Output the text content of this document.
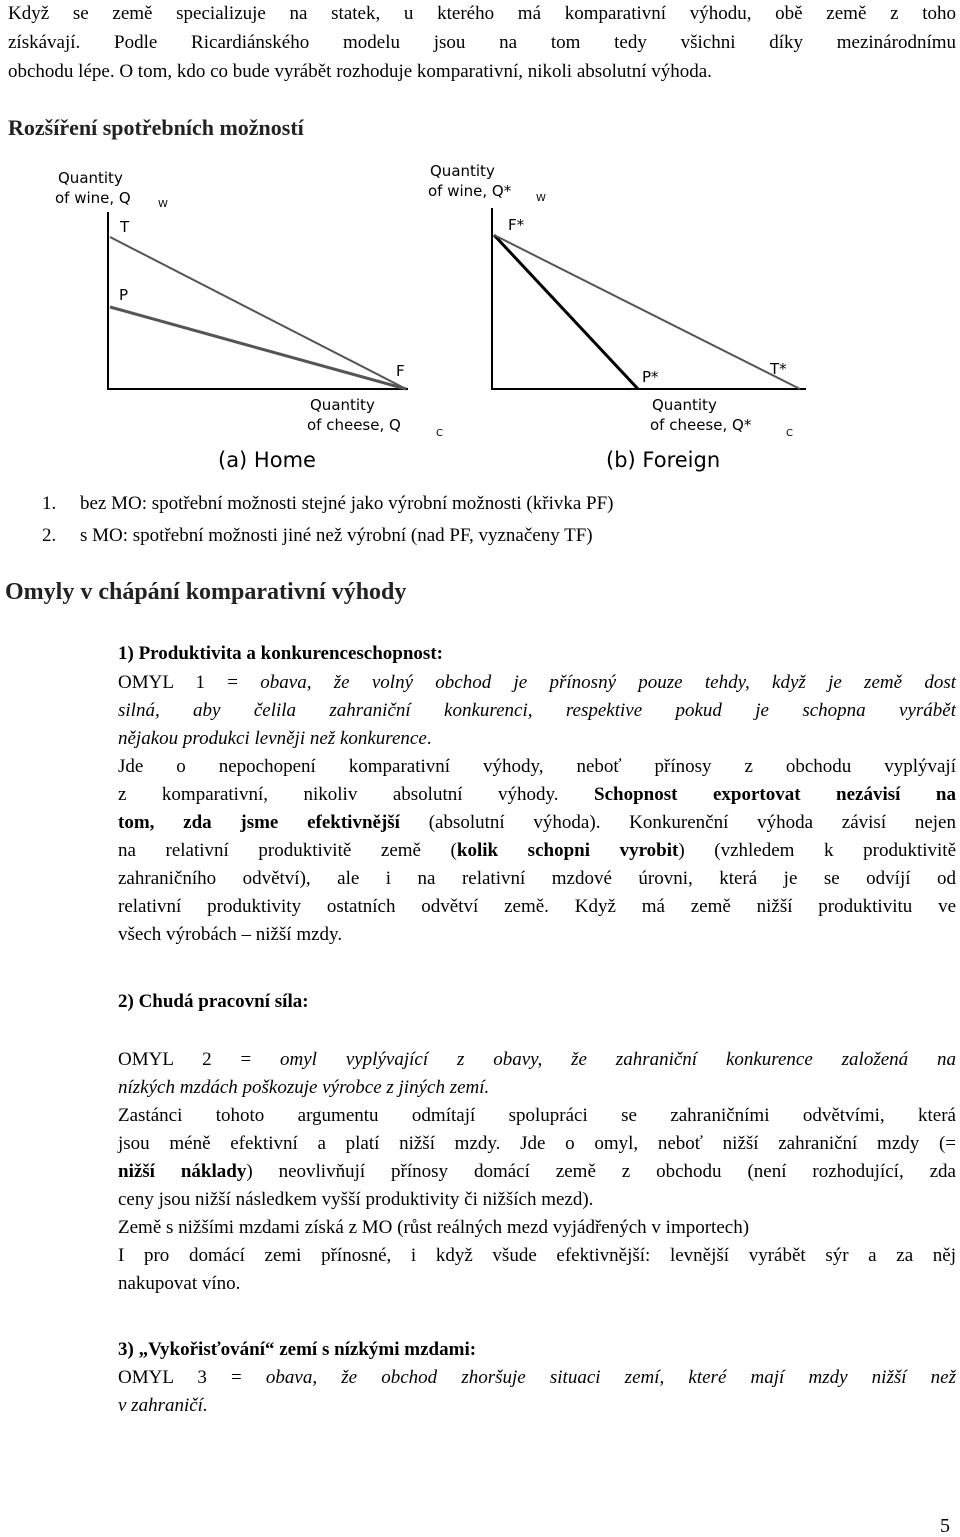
Když se země specializuje na statek, u kterého má komparativní výhodu, obě země z toho
získávají. Podle Ricardiánského modelu jsou na tom tedy všichni díky mezinárodnímu
obchodu lépe. O tom, kdo co bude vyrábět rozhoduje komparativní, nikoli absolutní výhoda.
Rozšíření spotřebních možností
Quantity
of wine, Q	W
T
P
F
Quantity
of cheese, Q	C
(a) Home
Quantity
of wine, Q* W
F*
P*	T*
Quantity
of cheese, Q*	C
(b) Foreign
1. bez MO: spotřební možnosti stejné jako výrobní možnosti (křivka PF)
2. s MO: spotřební možnosti jiné než výrobní (nad PF, vyznačeny TF)
Omyly v chápání komparativní výhody
1) Produktivita a konkurenceschopnost:
OMYL 1 = obava, že volný obchod je přínosný pouze tehdy, když je země dost
silná, aby čelila zahraniční konkurenci, respektive pokud je schopna vyrábět
nějakou produkci levněji než konkurence.
Jde o nepochopení komparativní výhody, neboť přínosy z obchodu vyplývají
z komparativní, nikoliv absolutní výhody. Schopnost exportovat nezávisí na
tom, zda jsme efektivnější (absolutní výhoda). Konkurenční výhoda závisí nejen
na relativní produktivitě země (kolik schopni vyrobit) (vzhledem k produktivitě
zahraničního odvětví), ale i na relativní mzdové úrovni, která je se odvíjí od
relativní produktivity ostatních odvětví země. Když má země nižší produktivitu ve
všech výrobách – nižší mzdy.
2) Chudá pracovní síla:
OMYL 2 = omyl vyplývající z obavy, že zahraniční konkurence založená na
nízkých mzdách poškozuje výrobce z jiných zemí.
Zastánci tohoto argumentu odmítají spolupráci se zahraničními odvětvími, která
jsou méně efektivní a platí nižší mzdy. Jde o omyl, neboť nižší zahraniční mzdy (=
nižší náklady) neovlivňují přínosy domácí země z obchodu (není rozhodující, zda
ceny jsou nižší následkem vyšší produktivity či nižších mezd).
Země s nižšími mzdami získá z MO (růst reálných mezd vyjádřených v importech)
I pro domácí zemi přínosné, i když všude efektivnější: levnější vyrábět sýr a za něj
nakupovat víno.
3) „Vykořisťování“ zemí s nízkými mzdami:
OMYL 3 = obava, že obchod zhoršuje situaci zemí, které mají mzdy nižší než
v zahraničí.
5
